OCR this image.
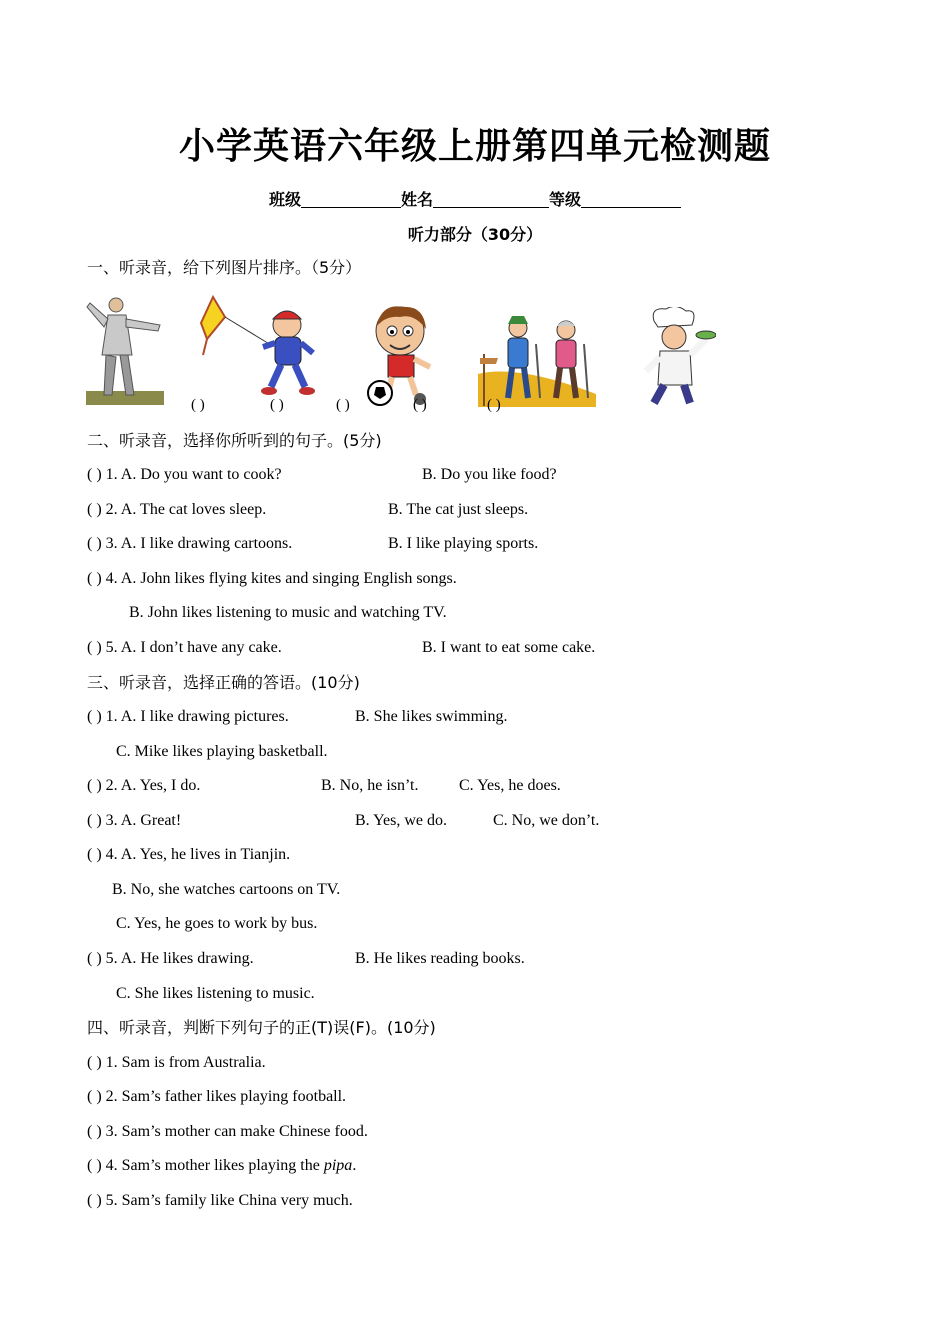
小学英语六年级上册第四单元检测题
班级	姓名	等级
听力部分（30分）
一、听录音，给下列图片排序。（5分）
( )	( )	( )	( )	( )
二、听录音，选择你所听到的句子。(5分)
( ) 1. A. Do you want to cook?	B. Do you like food?
( ) 2. A. The cat loves sleep.	B. The cat just sleeps.
( ) 3. A. I like drawing cartoons.	B. I like playing sports.
( ) 4. A. John likes flying kites and singing English songs.
B. John likes listening to music and watching TV.
( ) 5. A. I don’t have any cake.	B. I want to eat some cake.
三、听录音，选择正确的答语。(10分)
( ) 1. A. I like drawing pictures.	B. She likes swimming.
C. Mike likes playing basketball.
( ) 2. A. Yes, I do.	B. No, he isn’t.	C. Yes, he does.
( ) 3. A. Great!	B. Yes, we do.	C. No, we don’t.
( ) 4. A. Yes, he lives in Tianjin.
B. No, she watches cartoons on TV.
C. Yes, he goes to work by bus.
( ) 5. A. He likes drawing.	B. He likes reading books.
C. She likes listening to music.
四、听录音，判断下列句子的正(T)误(F)。(10分)
( ) 1. Sam is from Australia.
( ) 2. Sam’s father likes playing football.
( ) 3. Sam’s mother can make Chinese food.
( ) 4. Sam’s mother likes playing the pipa.
( ) 5. Sam’s family like China very much.
